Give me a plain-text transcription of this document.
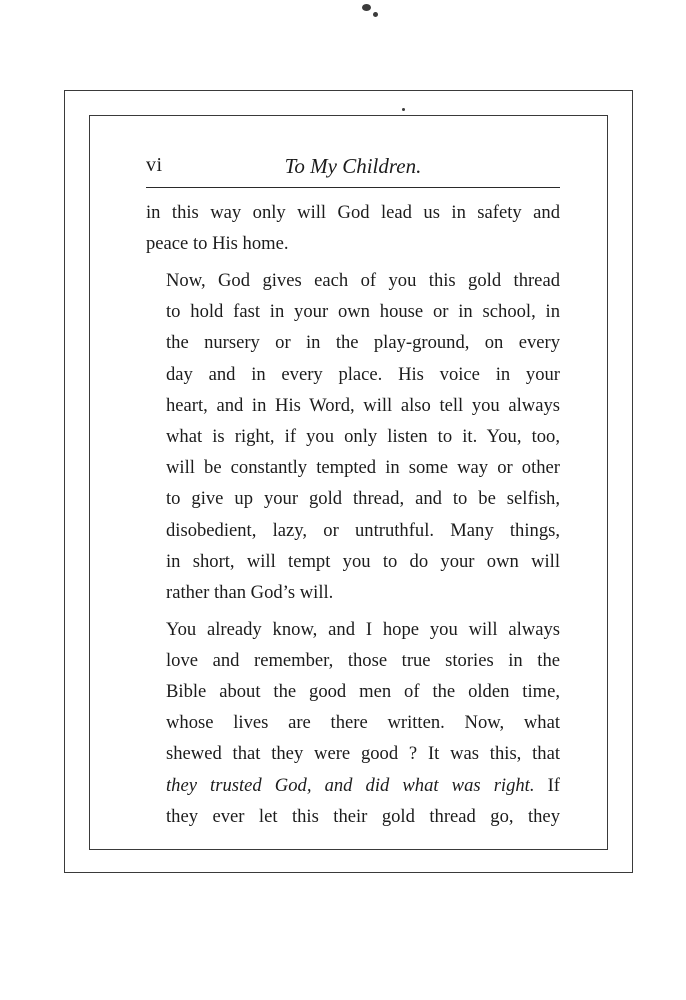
vi	To My Children.

in this way only will God lead us in safety and
peace to His home.

Now, God gives each of you this gold thread
to hold fast in your own house or in school, in
the nursery or in the play-ground, on every
day and in every place. His voice in your
heart, and in His Word, will also tell you always
what is right, if you only listen to it. You, too,
will be constantly tempted in some way or other
to give up your gold thread, and to be selfish,
disobedient, lazy, or untruthful. Many things,
in short, will tempt you to do your own will
rather than God’s will.

You already know, and I hope you will always
love and remember, those true stories in the
Bible about the good men of the olden time,
whose lives are there written. Now, what
shewed that they were good ? It was this, that
they trusted God, and did what was right. If
they ever let this their gold thread go, they
